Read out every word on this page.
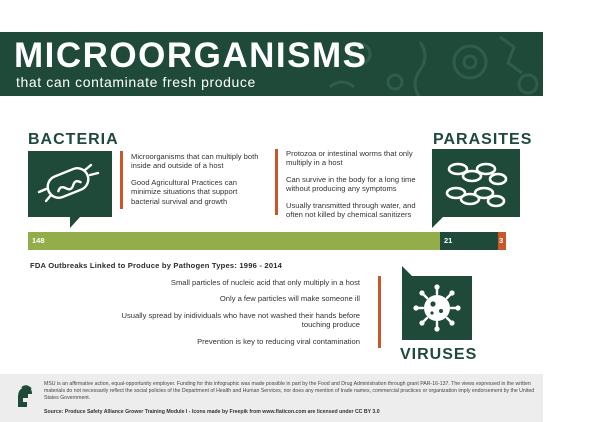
MICROORGANISMS
that can contaminate fresh produce
BACTERIA

Microorganisms that can multiply both inside and outside of a host

Good Agricultural Practices can minimize situations that support bacterial survival and growth

PARASITES

Protozoa or intestinal worms that only multiply in a host

Can survive in the body for a long time without producing any symptoms

Usually transmitted through water, and often not killed by chemical sanitizers

148	21	3
FDA Outbreaks Linked to Produce by Pathogen Types: 1996 - 2014

Small particles of nucleic acid that only multiply in a host

Only a few particles will make someone ill

Usually spread by inidividuals who have not washed their hands before touching produce

Prevention is key to reducing viral contamination

VIRUSES
MSU is an affirmative action, equal-opportunity employer. Funding for this infographic was made possible in part by the Food and Drug Administration through grant PAR-16-137. The views expressed in the written materials do not necessarily reflect the social policies of the Department of Health and Human Services, nor does any mention of trade names, commercial practices or organization imply endorsement by the United States Government.
Source: Produce Safety Alliance Grower Training Module I - Icons made by Freepik from www.flaticon.com are licensed under CC BY 3.0
